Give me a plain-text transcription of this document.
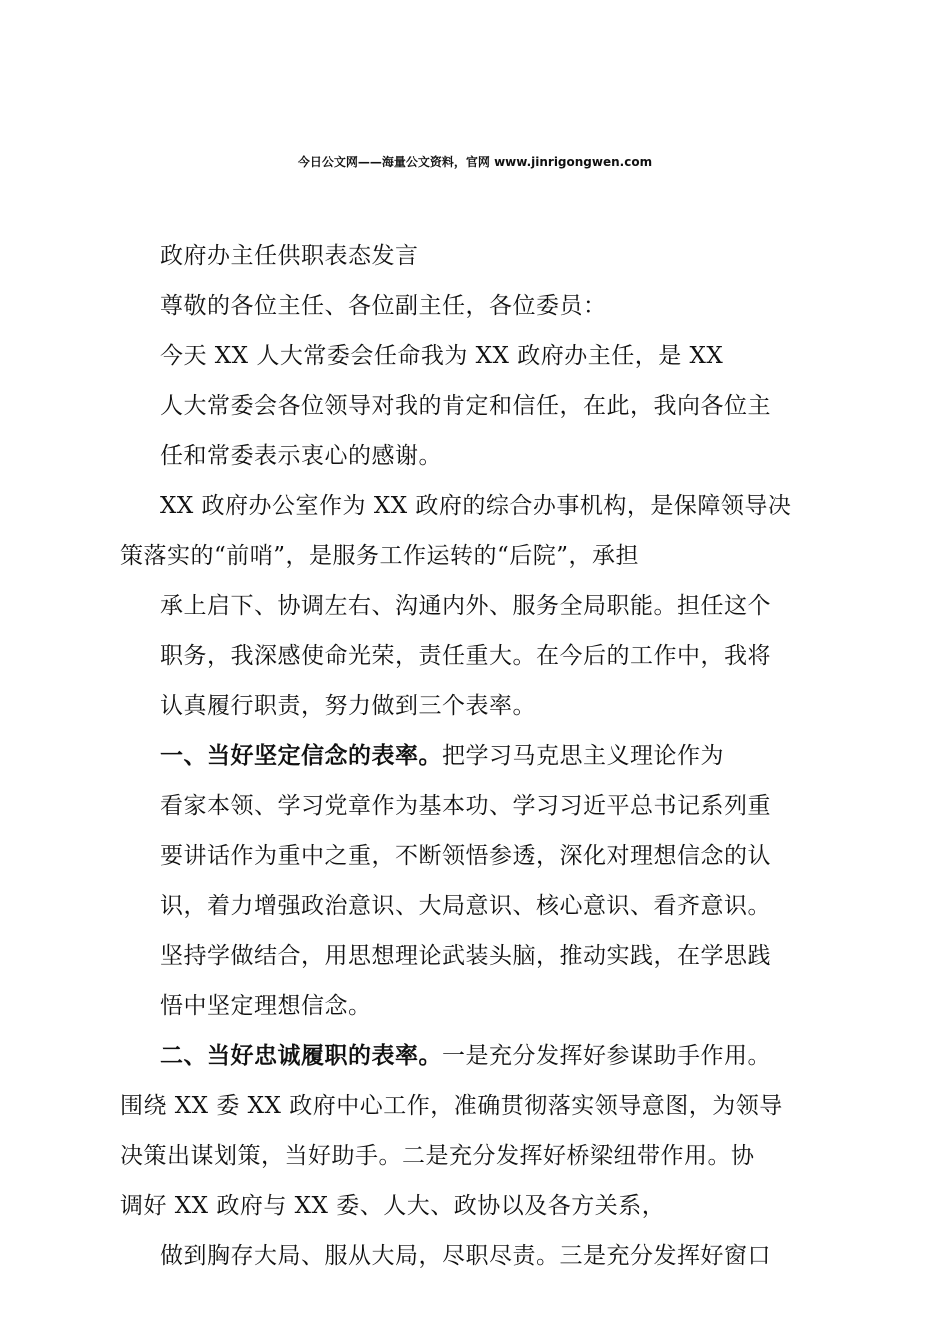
今日公文网——海量公文资料，官网 www.jinrigongwen.com
政府办主任供职表态发言
尊敬的各位主任、各位副主任，各位委员：
今天 XX 人大常委会任命我为 XX 政府办主任，是 XX
人大常委会各位领导对我的肯定和信任，在此，我向各位主
任和常委表示衷心的感谢。
XX 政府办公室作为 XX 政府的综合办事机构，是保障领导决
策落实的“前哨”，是服务工作运转的“后院”，承担
承上启下、协调左右、沟通内外、服务全局职能。担任这个
职务，我深感使命光荣，责任重大。在今后的工作中，我将
认真履行职责，努力做到三个表率。
一、当好坚定信念的表率。把学习马克思主义理论作为
看家本领、学习党章作为基本功、学习习近平总书记系列重
要讲话作为重中之重，不断领悟参透，深化对理想信念的认
识，着力增强政治意识、大局意识、核心意识、看齐意识。
坚持学做结合，用思想理论武装头脑，推动实践，在学思践
悟中坚定理想信念。
二、当好忠诚履职的表率。一是充分发挥好参谋助手作用。
围绕 XX 委 XX 政府中心工作，准确贯彻落实领导意图，为领导
决策出谋划策，当好助手。二是充分发挥好桥梁纽带作用。协
调好 XX 政府与 XX 委、人大、政协以及各方关系，
做到胸存大局、服从大局，尽职尽责。三是充分发挥好窗口
